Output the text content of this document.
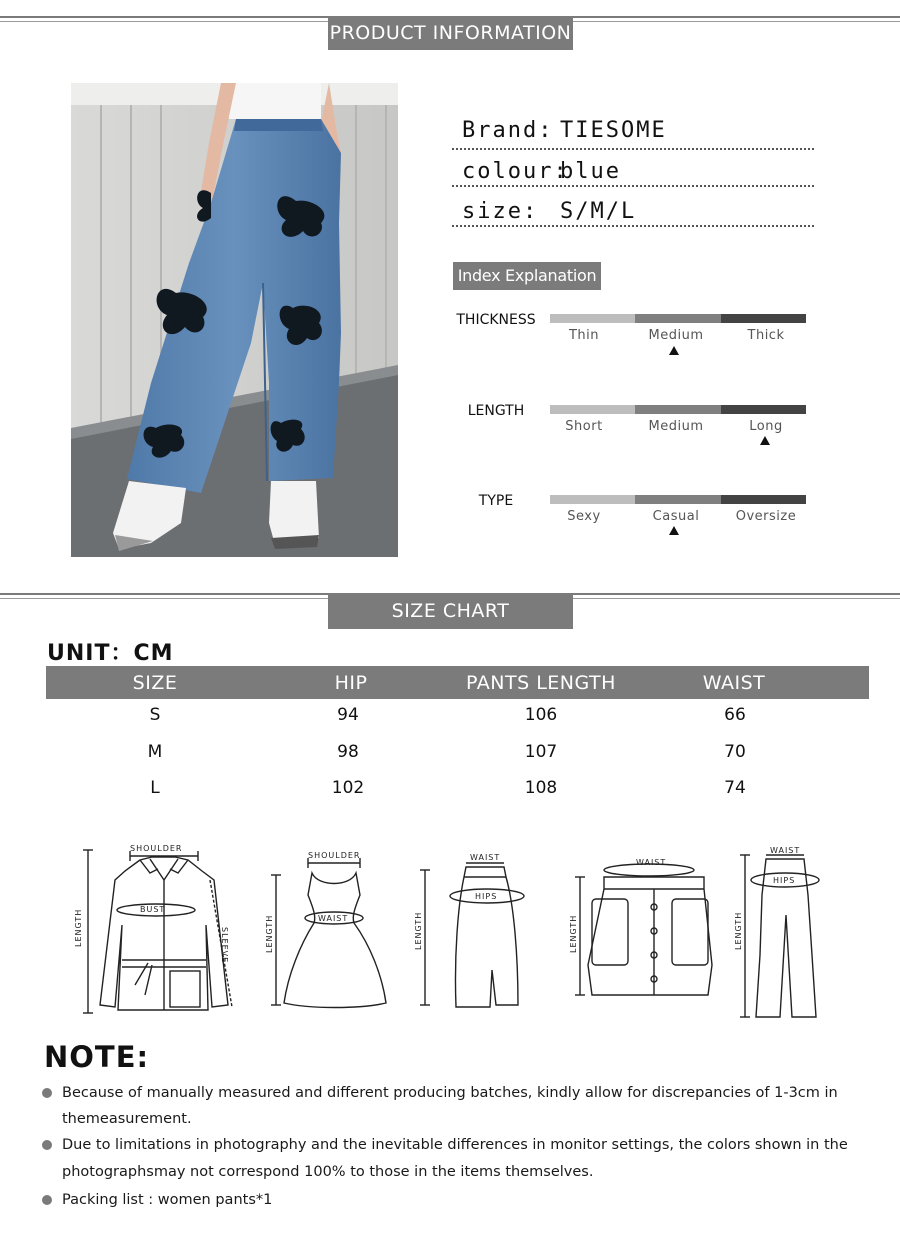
PRODUCT INFORMATION
Brand: TIESOME
colour:blue
size: S/M/L
Index Explanation
THICKNESS
Thin	Medium	Thick
LENGTH
Short	Medium	Long
TYPE
Sexy	Casual	Oversize
SIZE CHART
UNIT：CM
SIZE	HIP	PANTS LENGTH	WAIST
S	94	106	66
M	98	107	70
L	102	108	74
SHOULDER
BUST
LENGTH	SLEEVE
SHOULDER
WAIST
LENGTH
WAIST
HIPS
LENGTH
WAIST
LENGTH
WAIST
HIPS
LENGTH
NOTE:
Because of manually measured and different producing batches, kindly allow for discrepancies of 1-3cm in
themeasurement.
Due to limitations in photography and the inevitable differences in monitor settings, the colors shown in the
photographsmay not correspond 100% to those in the items themselves.
Packing list : women pants*1
